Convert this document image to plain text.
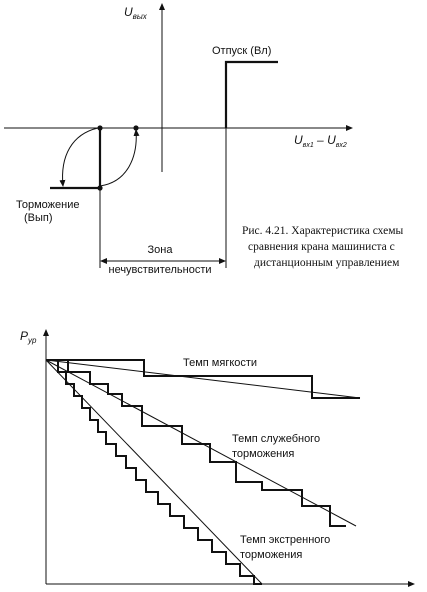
$U_{вых}$
$U_{вх1} - U_{вх2}$
Отпуск (Вл)
Торможение
(Вып)
Зона
нечувствительности
Рис. 4.21. Характеристика схемы
сравнения крана машиниста с
дистанционным управлением
$P_{ур}$
Темп мягкости
Темп служебного
торможения
Темп экстренного
торможения
